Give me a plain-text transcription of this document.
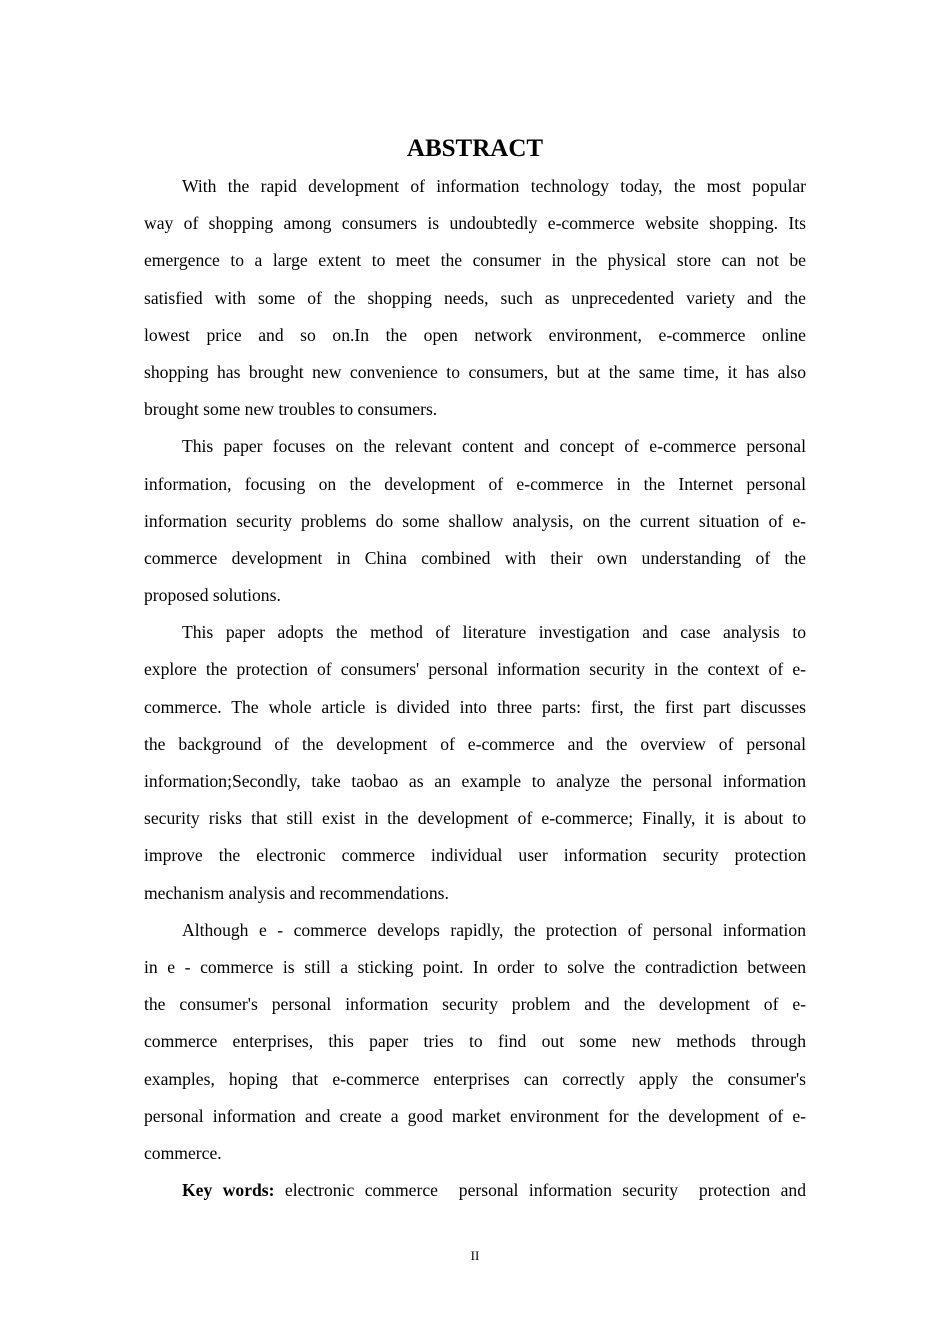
ABSTRACT
With the rapid development of information technology today, the most popular
way of shopping among consumers is undoubtedly e-commerce website shopping. Its
emergence to a large extent to meet the consumer in the physical store can not be
satisfied with some of the shopping needs, such as unprecedented variety and the
lowest price and so on.In the open network environment, e-commerce online
shopping has brought new convenience to consumers, but at the same time, it has also
brought some new troubles to consumers.
This paper focuses on the relevant content and concept of e-commerce personal
information, focusing on the development of e-commerce in the Internet personal
information security problems do some shallow analysis, on the current situation of e-
commerce development in China combined with their own understanding of the
proposed solutions.
This paper adopts the method of literature investigation and case analysis to
explore the protection of consumers' personal information security in the context of e-
commerce. The whole article is divided into three parts: first, the first part discusses
the background of the development of e-commerce and the overview of personal
information;Secondly, take taobao as an example to analyze the personal information
security risks that still exist in the development of e-commerce; Finally, it is about to
improve the electronic commerce individual user information security protection
mechanism analysis and recommendations.
Although e - commerce develops rapidly, the protection of personal information
in e - commerce is still a sticking point. In order to solve the contradiction between
the consumer's personal information security problem and the development of e-
commerce enterprises, this paper tries to find out some new methods through
examples, hoping that e-commerce enterprises can correctly apply the consumer's
personal information and create a good market environment for the development of e-
commerce.
Key words: electronic commerce  personal information security  protection and
II
